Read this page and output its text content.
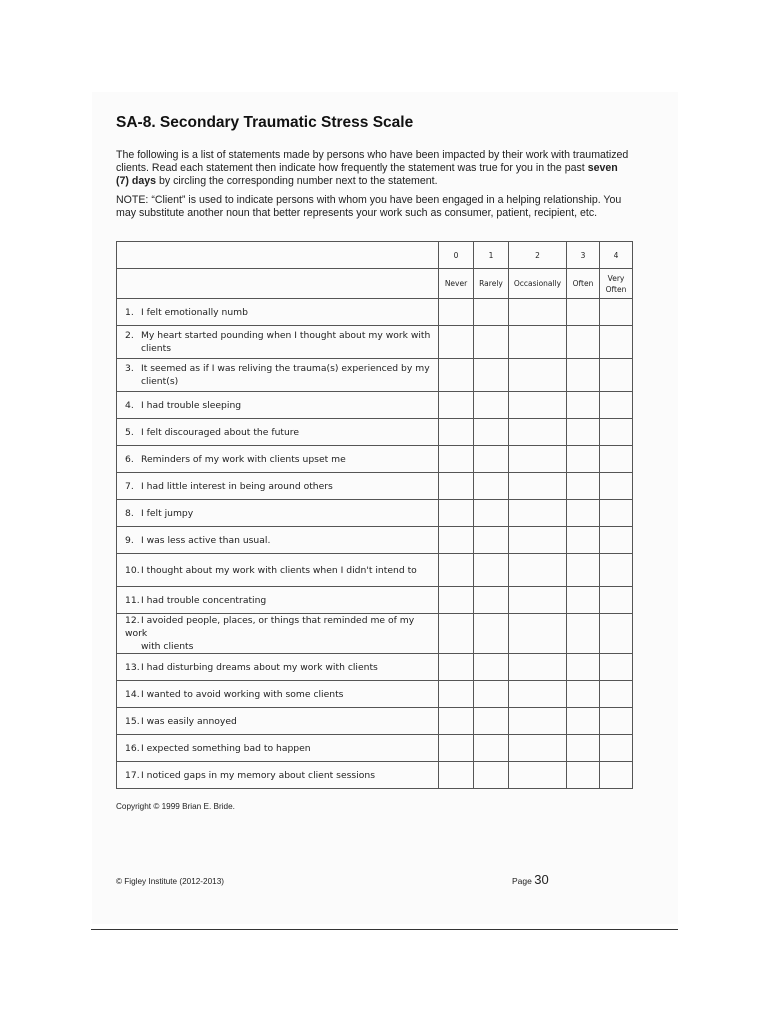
SA-8. Secondary Traumatic Stress Scale
The following is a list of statements made by persons who have been impacted by their work with traumatized clients. Read each statement then indicate how frequently the statement was true for you in the past seven (7) days by circling the corresponding number next to the statement.
NOTE: “Client” is used to indicate persons with whom you have been engaged in a helping relationship. You may substitute another noun that better represents your work such as consumer, patient, recipient, etc.
	0	1	2	3	4
	Never	Rarely	Occasionally	Often	Very Often
1. I felt emotionally numb					
2. My heart started pounding when I thought about my work with
clients					

3. It seemed as if I was reliving the trauma(s) experienced by my
client(s)					

4. I had trouble sleeping					
5. I felt discouraged about the future					
6. Reminders of my work with clients upset me					
7. I had little interest in being around others					
8. I felt jumpy					
9. I was less active than usual.					
10.I thought about my work with clients when I didn't intend to					
11.I had trouble concentrating					
12.I avoided people, places, or things that reminded me of my work
with clients					

13.I had disturbing dreams about my work with clients					
14.I wanted to avoid working with some clients					
15.I was easily annoyed					
16.I expected something bad to happen					
17.I noticed gaps in my memory about client sessions					
Copyright © 1999 Brian E. Bride.
© Figley Institute (2012-2013)	Page 30
